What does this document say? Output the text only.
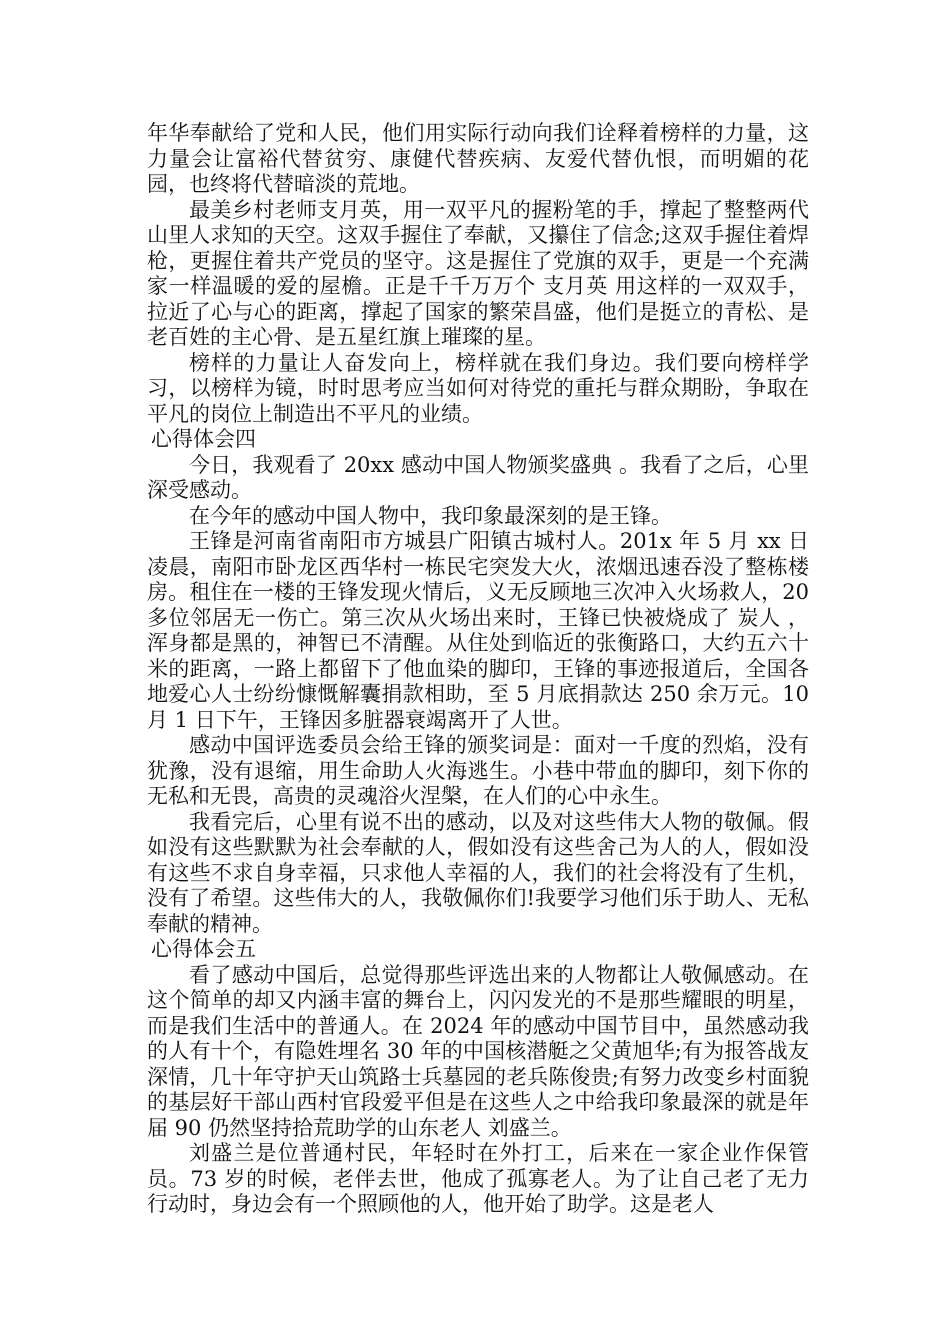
年华奉献给了党和人民，他们用实际行动向我们诠释着榜样的力量，这力量会让富裕代替贫穷、康健代替疾病、友爱代替仇恨，而明媚的花园，也终将代替暗淡的荒地。

最美乡村老师支月英，用一双平凡的握粉笔的手，撑起了整整两代山里人求知的天空。这双手握住了奉献，又攥住了信念;这双手握住着焊枪，更握住着共产党员的坚守。这是握住了党旗的双手，更是一个充满家一样温暖的爱的屋檐。正是千千万万个 支月英 用这样的一双双手，拉近了心与心的距离，撑起了国家的繁荣昌盛，他们是挺立的青松、是老百姓的主心骨、是五星红旗上璀璨的星。

榜样的力量让人奋发向上，榜样就在我们身边。我们要向榜样学习，以榜样为镜，时时思考应当如何对待党的重托与群众期盼，争取在平凡的岗位上制造出不平凡的业绩。

心得体会四

今日，我观看了 20xx 感动中国人物颁奖盛典 。我看了之后，心里深受感动。

在今年的感动中国人物中，我印象最深刻的是王锋。

王锋是河南省南阳市方城县广阳镇古城村人。201x 年 5 月 xx 日凌晨，南阳市卧龙区西华村一栋民宅突发大火，浓烟迅速吞没了整栋楼房。租住在一楼的王锋发现火情后，义无反顾地三次冲入火场救人，20 多位邻居无一伤亡。第三次从火场出来时，王锋已快被烧成了 炭人 ，浑身都是黑的，神智已不清醒。从住处到临近的张衡路口，大约五六十米的距离，一路上都留下了他血染的脚印，王锋的事迹报道后，全国各地爱心人士纷纷慷慨解囊捐款相助，至 5 月底捐款达 250 余万元。10 月 1 日下午，王锋因多脏器衰竭离开了人世。

感动中国评选委员会给王锋的颁奖词是：面对一千度的烈焰，没有犹豫，没有退缩，用生命助人火海逃生。小巷中带血的脚印，刻下你的无私和无畏，高贵的灵魂浴火涅槃，在人们的心中永生。

我看完后，心里有说不出的感动，以及对这些伟大人物的敬佩。假如没有这些默默为社会奉献的人，假如没有这些舍己为人的人，假如没有这些不求自身幸福，只求他人幸福的人，我们的社会将没有了生机，没有了希望。这些伟大的人，我敬佩你们!我要学习他们乐于助人、无私奉献的精神。

心得体会五

看了感动中国后，总觉得那些评选出来的人物都让人敬佩感动。在这个简单的却又内涵丰富的舞台上，闪闪发光的不是那些耀眼的明星，而是我们生活中的普通人。在 2024 年的感动中国节目中，虽然感动我的人有十个，有隐姓埋名 30 年的中国核潜艇之父黄旭华;有为报答战友深情，几十年守护天山筑路士兵墓园的老兵陈俊贵;有努力改变乡村面貌的基层好干部山西村官段爱平但是在这些人之中给我印象最深的就是年届 90 仍然坚持拾荒助学的山东老人 刘盛兰。

刘盛兰是位普通村民，年轻时在外打工，后来在一家企业作保管员。73 岁的时候，老伴去世，他成了孤寡老人。为了让自己老了无力行动时，身边会有一个照顾他的人，他开始了助学。这是老人
